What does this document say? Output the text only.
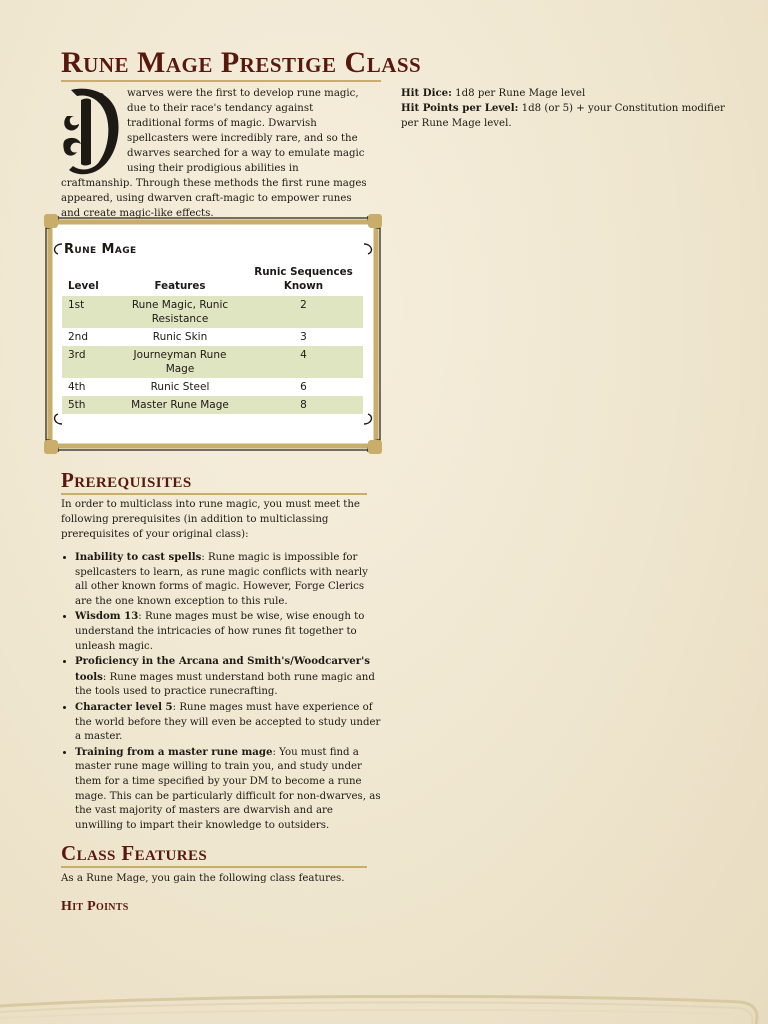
Rune Mage Prestige Class
warves were the first to develop rune magic, due to their race's tendancy against traditional forms of magic. Dwarvish spellcasters were incredibly rare, and so the dwarves searched for a way to emulate magic using their prodigious abilities in craftmanship. Through these methods the first rune mages appeared, using dwarven craft-magic to empower runes and create magic-like effects.

Hit Dice: 1d8 per Rune Mage level

Hit Points per Level: 1d8 (or 5) + your Constitution modifier per Rune Mage level.

Rune Mage
Level	Features	Runic Sequences Known
1st	Rune Magic, Runic Resistance	2
2nd	Runic Skin	3
3rd	Journeyman Rune Mage	4
4th	Runic Steel	6
5th	Master Rune Mage	8
Prerequisites

In order to multiclass into rune magic, you must meet the following prerequisites (in addition to multiclassing prerequisites of your original class):

• Inability to cast spells: Rune magic is impossible for spellcasters to learn, as rune magic conflicts with nearly all other known forms of magic. However, Forge Clerics are the one known exception to this rule.
• Wisdom 13: Rune mages must be wise, wise enough to understand the intricacies of how runes fit together to unleash magic.
• Proficiency in the Arcana and Smith's/Woodcarver's tools: Rune mages must understand both rune magic and the tools used to practice runecrafting.
• Character level 5: Rune mages must have experience of the world before they will even be accepted to study under a master.
• Training from a master rune mage: You must find a master rune mage willing to train you, and study under them for a time specified by your DM to become a rune mage. This can be particularly difficult for non-dwarves, as the vast majority of masters are dwarvish and are unwilling to impart their knowledge to outsiders.
Class Features

As a Rune Mage, you gain the following class features.

Hit Points
